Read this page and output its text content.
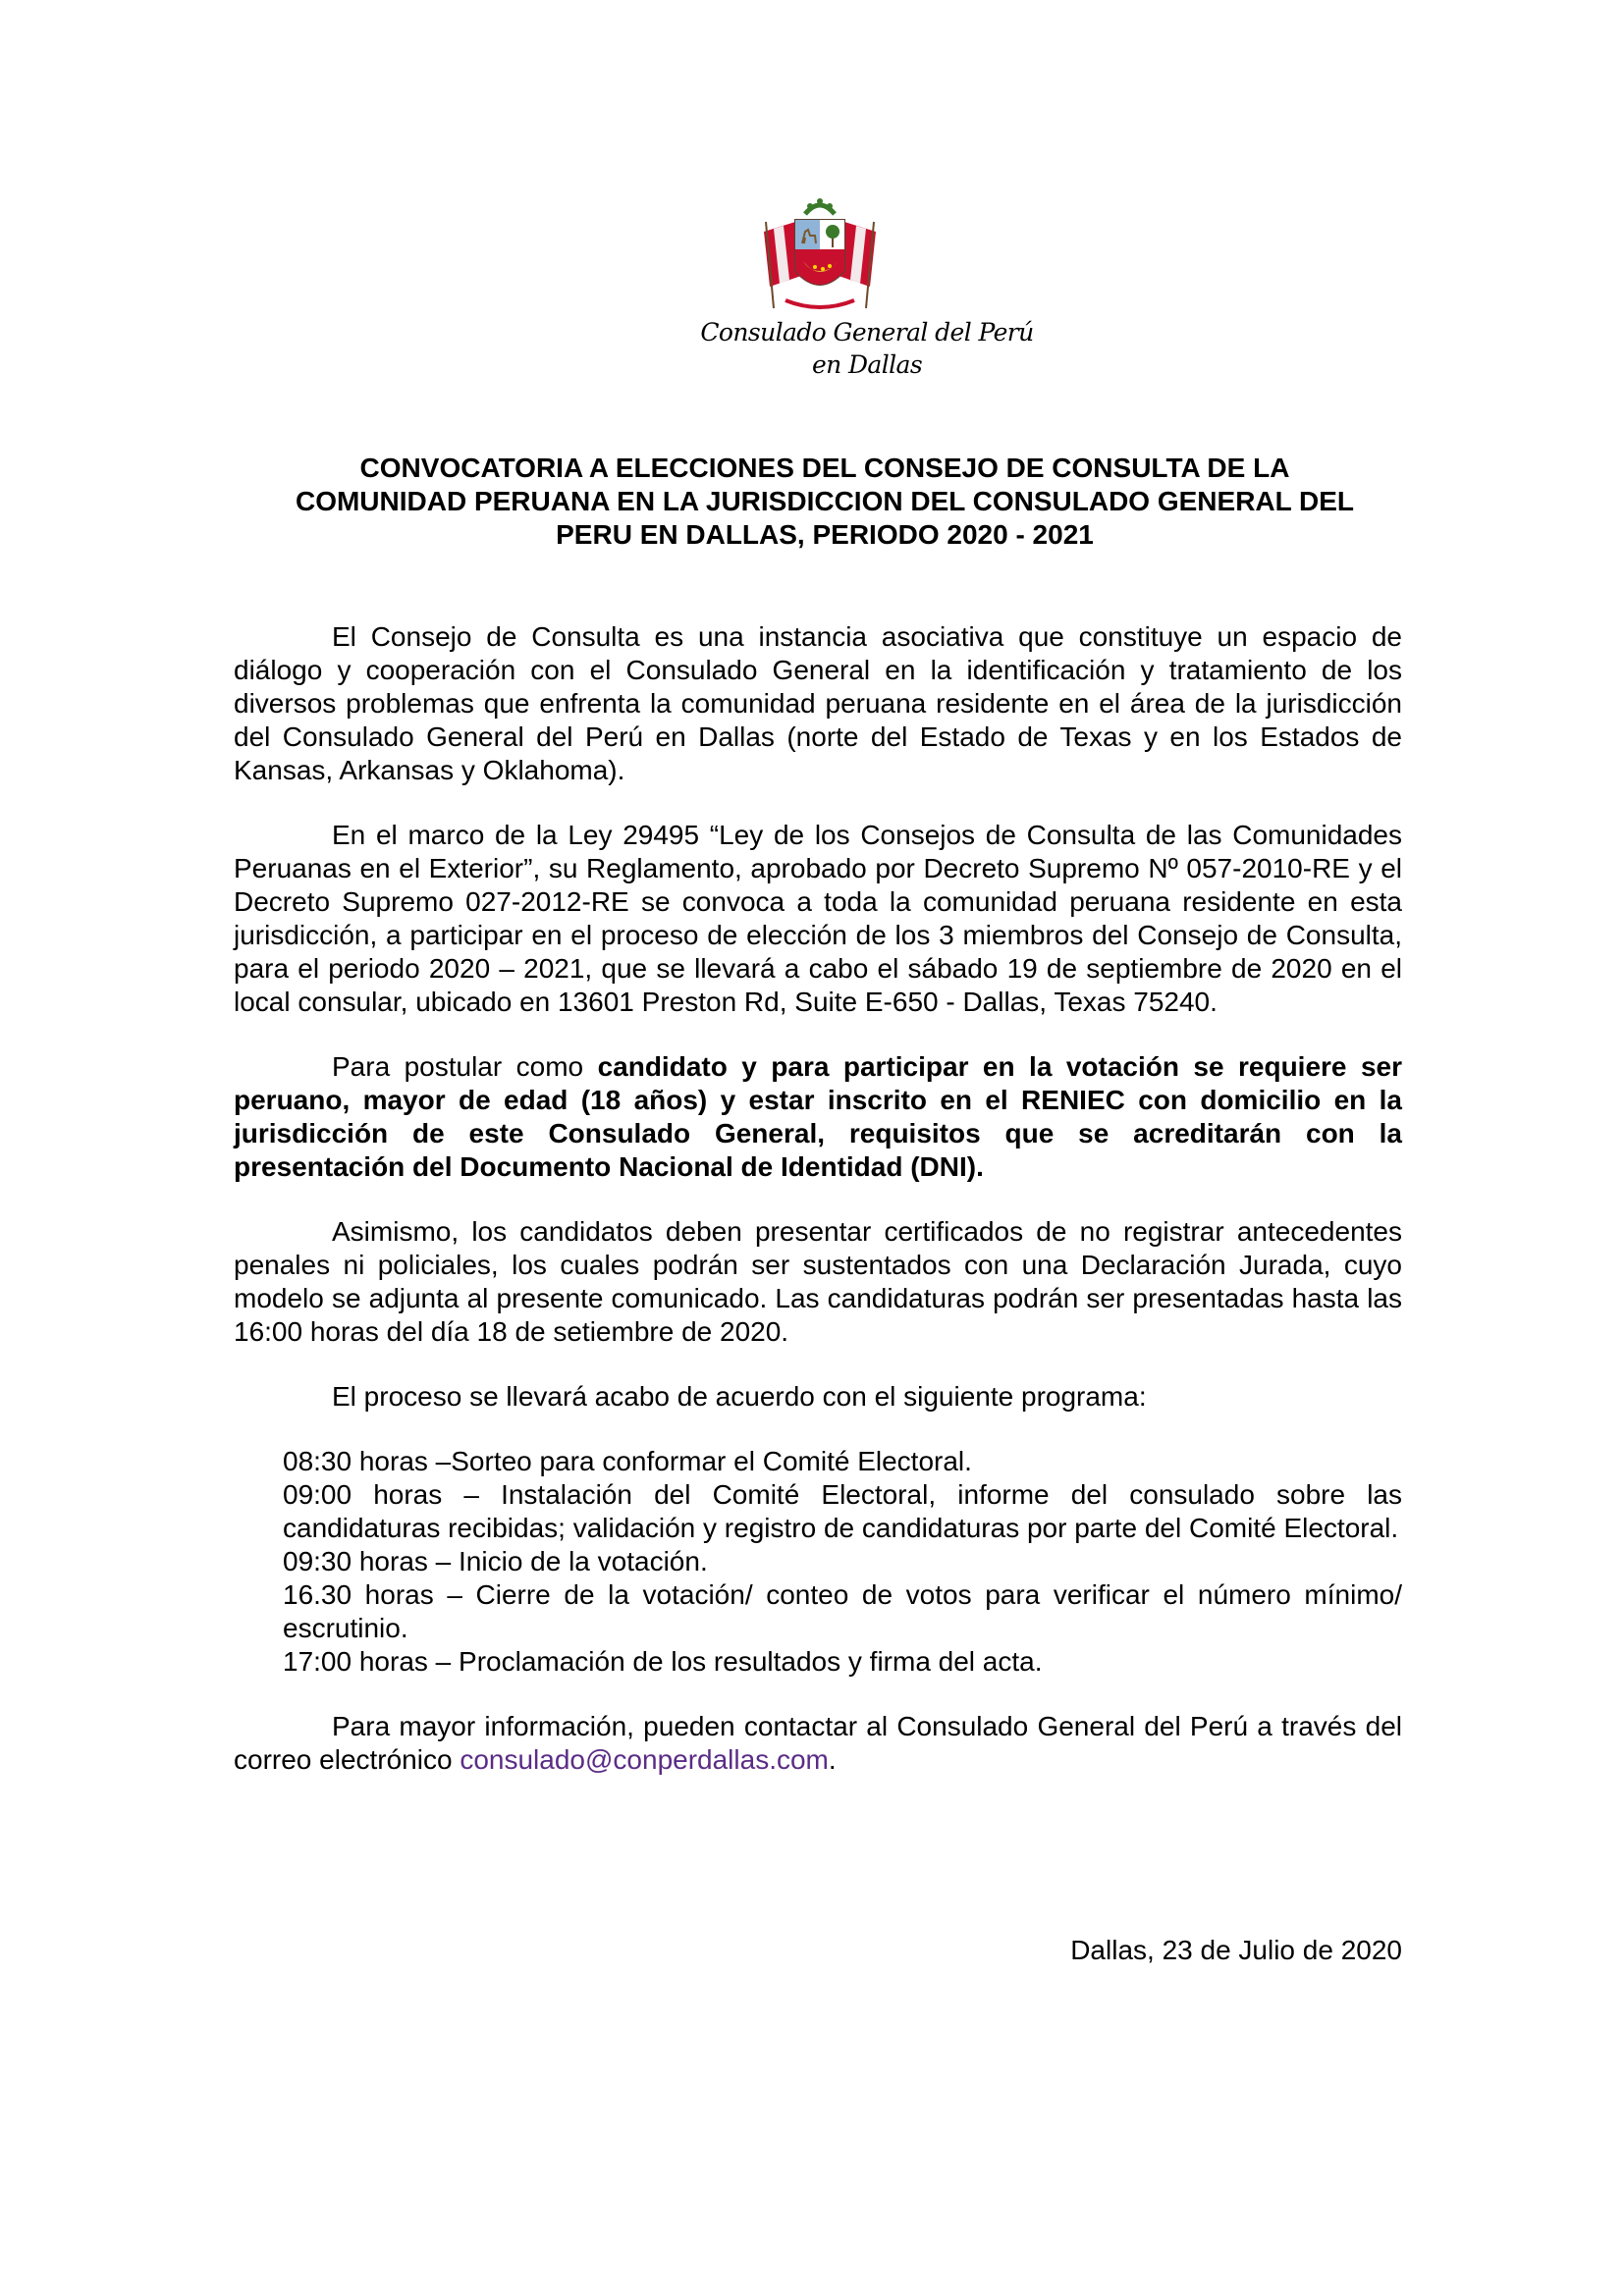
Consulado General del Perú
en Dallas
CONVOCATORIA A ELECCIONES DEL CONSEJO DE CONSULTA DE LA
COMUNIDAD PERUANA EN LA JURISDICCION DEL CONSULADO GENERAL DEL
PERU EN DALLAS, PERIODO 2020 - 2021

El Consejo de Consulta es una instancia asociativa que constituye un espacio de diálogo y cooperación con el Consulado General en la identificación y tratamiento de los diversos problemas que enfrenta la comunidad peruana residente en el área de la jurisdicción del Consulado General del Perú en Dallas (norte del Estado de Texas y en los Estados de Kansas, Arkansas y Oklahoma).

En el marco de la Ley 29495 “Ley de los Consejos de Consulta de las Comunidades Peruanas en el Exterior”, su Reglamento, aprobado por Decreto Supremo Nº 057-2010-RE y el Decreto Supremo 027-2012-RE se convoca a toda la comunidad peruana residente en esta jurisdicción, a participar en el proceso de elección de los 3 miembros del Consejo de Consulta, para el periodo 2020 – 2021, que se llevará a cabo el sábado 19 de septiembre de 2020 en el local consular, ubicado en 13601 Preston Rd, Suite E-650 - Dallas, Texas 75240.

Para postular como candidato y para participar en la votación se requiere ser peruano, mayor de edad (18 años) y estar inscrito en el RENIEC con domicilio en la jurisdicción de este Consulado General, requisitos que se acreditarán con la presentación del Documento Nacional de Identidad (DNI).

Asimismo, los candidatos deben presentar certificados de no registrar antecedentes penales ni policiales, los cuales podrán ser sustentados con una Declaración Jurada, cuyo modelo se adjunta al presente comunicado. Las candidaturas podrán ser presentadas hasta las 16:00 horas del día 18 de setiembre de 2020.

El proceso se llevará acabo de acuerdo con el siguiente programa:

08:30 horas –Sorteo para conformar el Comité Electoral.
09:00 horas – Instalación del Comité Electoral, informe del consulado sobre las candidaturas recibidas; validación y registro de candidaturas por parte del Comité Electoral.
09:30 horas – Inicio de la votación.
16.30 horas – Cierre de la votación/ conteo de votos para verificar el número mínimo/ escrutinio.
17:00 horas – Proclamación de los resultados y firma del acta.

Para mayor información, pueden contactar al Consulado General del Perú a través del correo electrónico consulado@conperdallas.com.

Dallas, 23 de Julio de 2020
